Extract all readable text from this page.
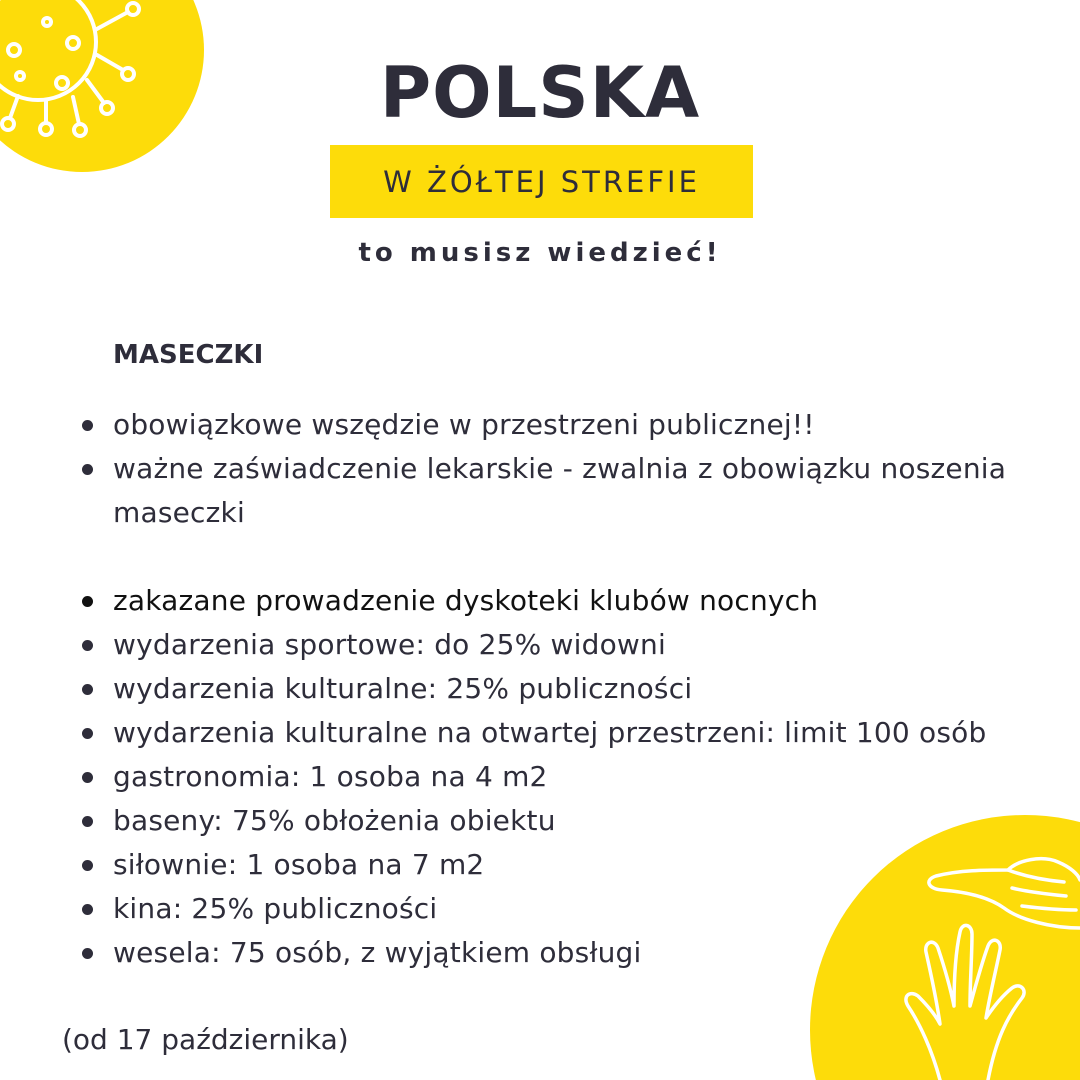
POLSKA
W ŻÓŁTEJ STREFIE
to musisz wiedzieć!
MASECZKI
obowiązkowe wszędzie w przestrzeni publicznej!!
ważne zaświadczenie lekarskie - zwalnia z obowiązku noszenia maseczki
zakazane prowadzenie dyskoteki klubów nocnych
wydarzenia sportowe: do 25% widowni
wydarzenia kulturalne: 25% publiczności
wydarzenia kulturalne na otwartej przestrzeni: limit 100 osób
gastronomia: 1 osoba na 4 m2
baseny: 75% obłożenia obiektu
siłownie: 1 osoba na 7 m2
kina: 25% publiczności
wesela: 75 osób, z wyjątkiem obsługi
(od 17 października)
